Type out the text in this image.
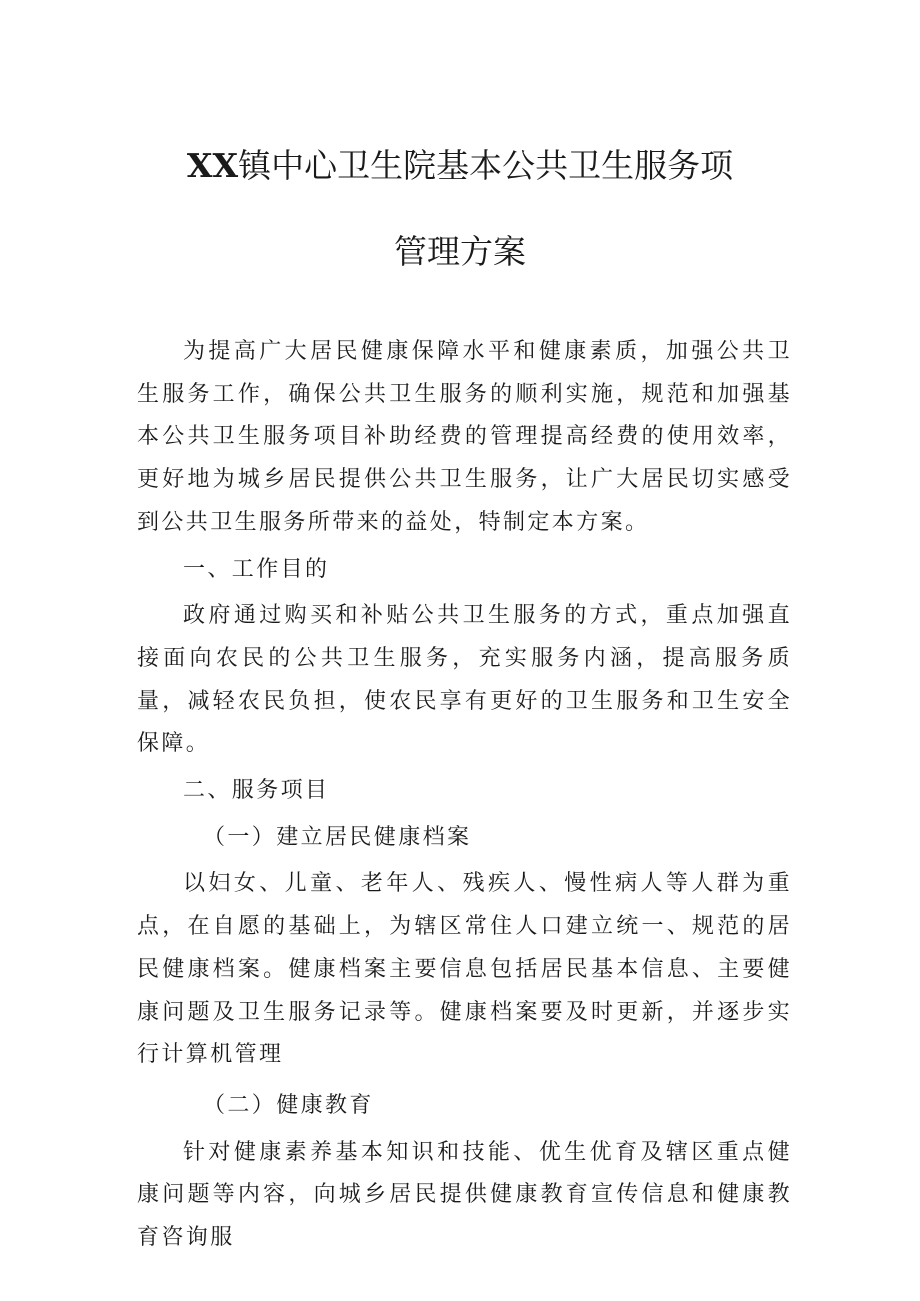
XX镇中心卫生院基本公共卫生服务项
管理方案

为提高广大居民健康保障水平和健康素质，加强公共卫生服务工作，确保公共卫生服务的顺利实施，规范和加强基本公共卫生服务项目补助经费的管理提高经费的使用效率，更好地为城乡居民提供公共卫生服务，让广大居民切实感受到公共卫生服务所带来的益处，特制定本方案。

一、工作目的

政府通过购买和补贴公共卫生服务的方式，重点加强直接面向农民的公共卫生服务，充实服务内涵，提高服务质量，减轻农民负担，使农民享有更好的卫生服务和卫生安全保障。

二、服务项目

（一）建立居民健康档案

以妇女、儿童、老年人、残疾人、慢性病人等人群为重点，在自愿的基础上，为辖区常住人口建立统一、规范的居民健康档案。健康档案主要信息包括居民基本信息、主要健康问题及卫生服务记录等。健康档案要及时更新，并逐步实行计算机管理

（二）健康教育

针对健康素养基本知识和技能、优生优育及辖区重点健康问题等内容，向城乡居民提供健康教育宣传信息和健康教育咨询服
